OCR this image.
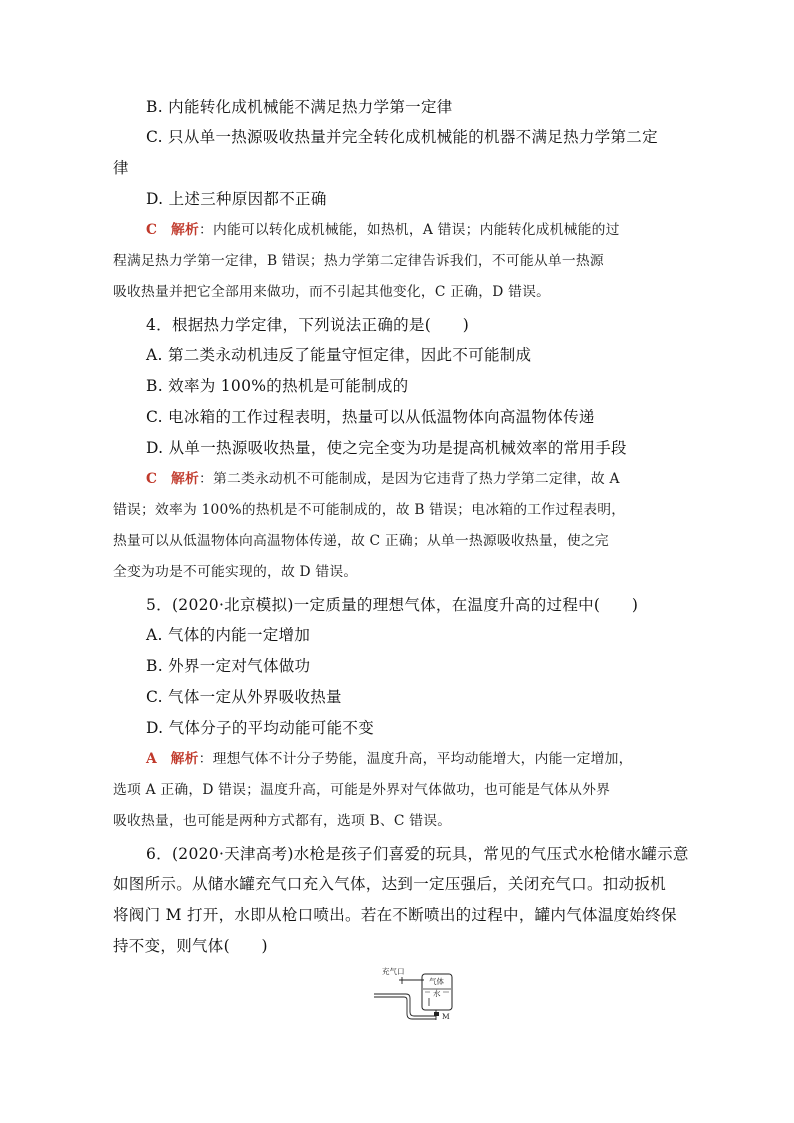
B. 内能转化成机械能不满足热力学第一定律
C. 只从单一热源吸收热量并完全转化成机械能的机器不满足热力学第二定
律
D. 上述三种原因都不正确
C 解析：内能可以转化成机械能，如热机，A 错误；内能转化成机械能的过
程满足热力学第一定律，B 错误；热力学第二定律告诉我们，不可能从单一热源
吸收热量并把它全部用来做功，而不引起其他变化，C 正确，D 错误。
4．根据热力学定律，下列说法正确的是(　　)
A. 第二类永动机违反了能量守恒定律，因此不可能制成
B. 效率为 100%的热机是可能制成的
C. 电冰箱的工作过程表明，热量可以从低温物体向高温物体传递
D. 从单一热源吸收热量，使之完全变为功是提高机械效率的常用手段
C 解析：第二类永动机不可能制成，是因为它违背了热力学第二定律，故 A
错误；效率为 100%的热机是不可能制成的，故 B 错误；电冰箱的工作过程表明，
热量可以从低温物体向高温物体传递，故 C 正确；从单一热源吸收热量，使之完
全变为功是不可能实现的，故 D 错误。
5．(2020·北京模拟)一定质量的理想气体，在温度升高的过程中(　　)
A. 气体的内能一定增加
B. 外界一定对气体做功
C. 气体一定从外界吸收热量
D. 气体分子的平均动能可能不变
A 解析：理想气体不计分子势能，温度升高，平均动能增大，内能一定增加，
选项 A 正确，D 错误；温度升高，可能是外界对气体做功，也可能是气体从外界
吸收热量，也可能是两种方式都有，选项 B、C 错误。
6．(2020·天津高考)水枪是孩子们喜爱的玩具，常见的气压式水枪储水罐示意
如图所示。从储水罐充气口充入气体，达到一定压强后，关闭充气口。扣动扳机
将阀门 M 打开，水即从枪口喷出。若在不断喷出的过程中，罐内气体温度始终保
持不变，则气体(　　)
充气口
气体
水
M
